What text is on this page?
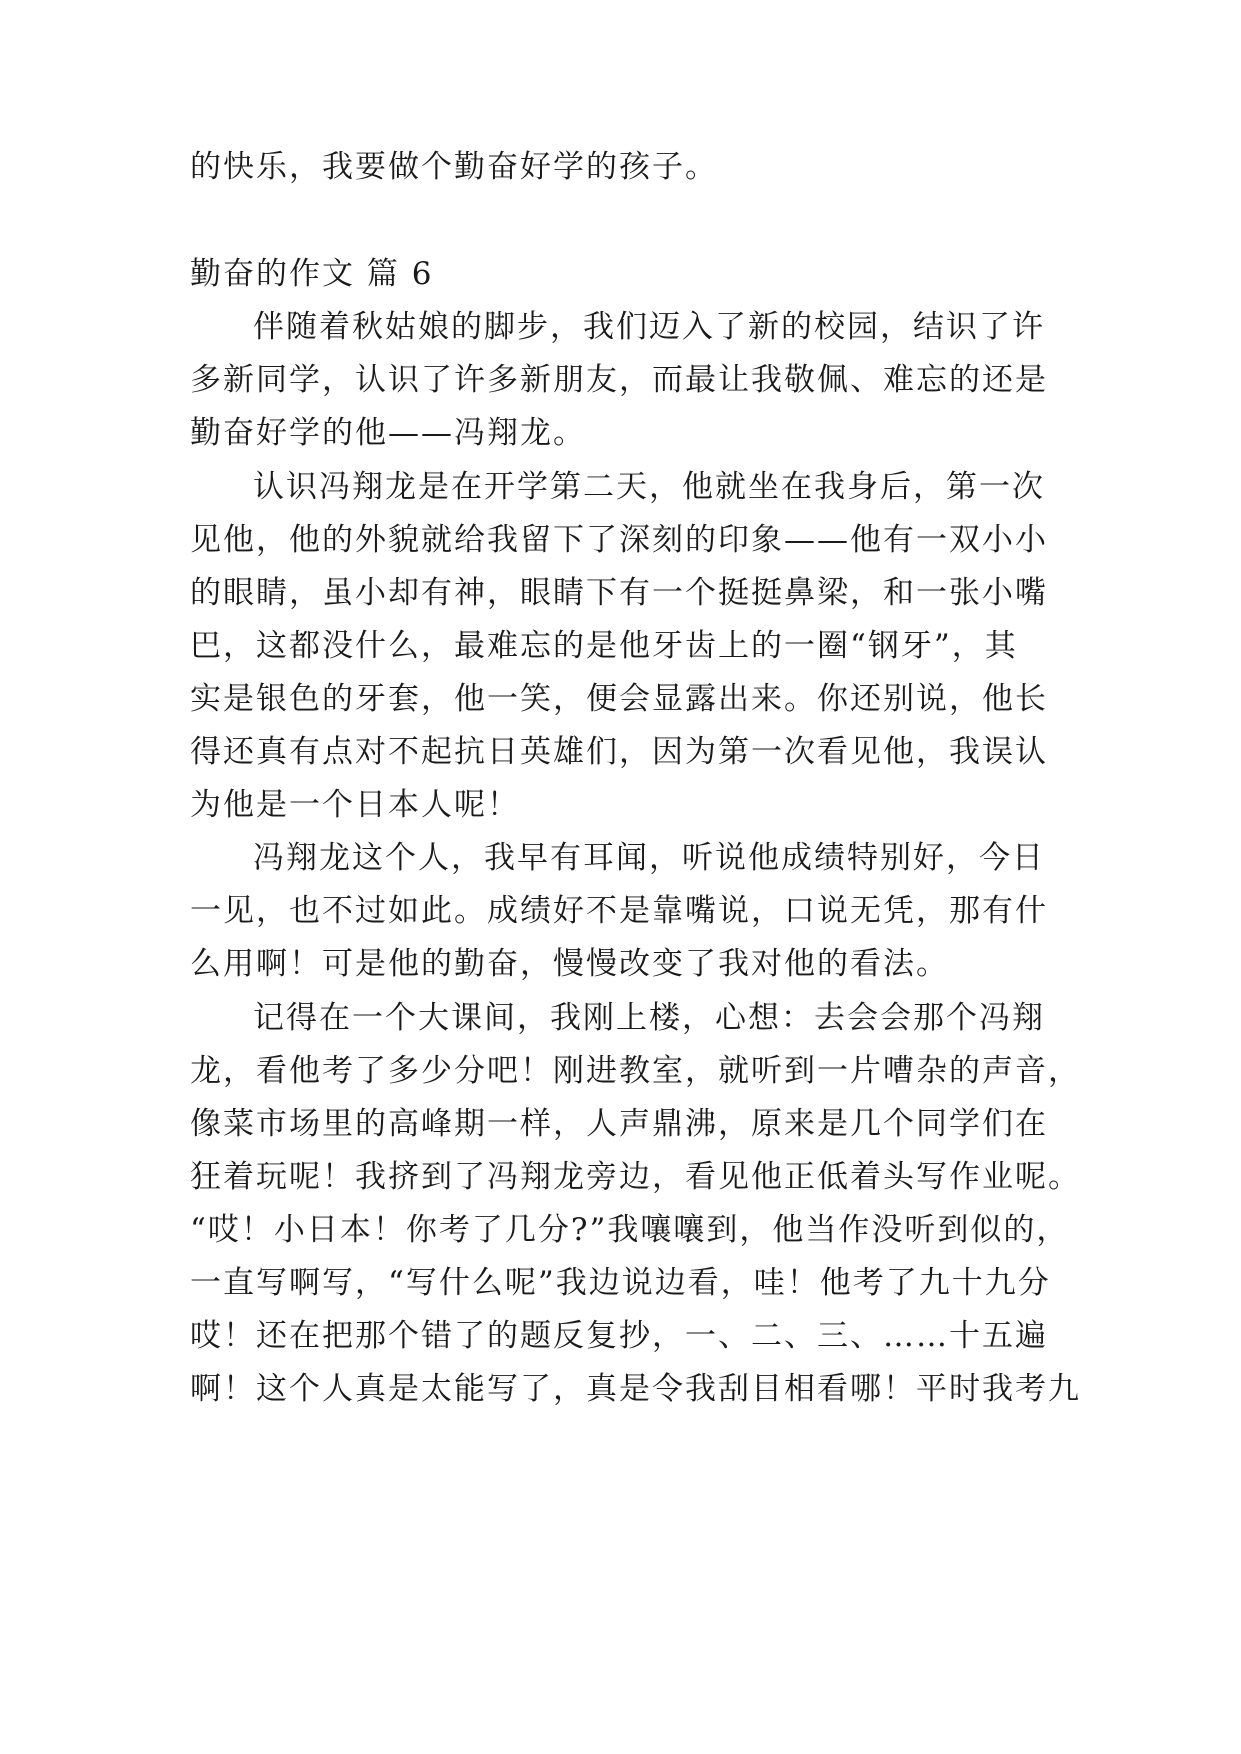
的快乐，我要做个勤奋好学的孩子。
勤奋的作文 篇 6
伴随着秋姑娘的脚步，我们迈入了新的校园，结识了许
多新同学，认识了许多新朋友，而最让我敬佩、难忘的还是
勤奋好学的他——冯翔龙。
认识冯翔龙是在开学第二天，他就坐在我身后，第一次
见他，他的外貌就给我留下了深刻的印象——他有一双小小
的眼睛，虽小却有神，眼睛下有一个挺挺鼻梁，和一张小嘴
巴，这都没什么，最难忘的是他牙齿上的一圈“钢牙”，其
实是银色的牙套，他一笑，便会显露出来。你还别说，他长
得还真有点对不起抗日英雄们，因为第一次看见他，我误认
为他是一个日本人呢！
冯翔龙这个人，我早有耳闻，听说他成绩特别好，今日
一见，也不过如此。成绩好不是靠嘴说，口说无凭，那有什
么用啊！可是他的勤奋，慢慢改变了我对他的看法。
记得在一个大课间，我刚上楼，心想：去会会那个冯翔
龙，看他考了多少分吧！刚进教室，就听到一片嘈杂的声音，
像菜市场里的高峰期一样，人声鼎沸，原来是几个同学们在
狂着玩呢！我挤到了冯翔龙旁边，看见他正低着头写作业呢。
“哎！小日本！你考了几分?”我嚷嚷到，他当作没听到似的，
一直写啊写，“写什么呢”我边说边看，哇！他考了九十九分
哎！还在把那个错了的题反复抄，一、二、三、……十五遍
啊！这个人真是太能写了，真是令我刮目相看哪！平时我考九
